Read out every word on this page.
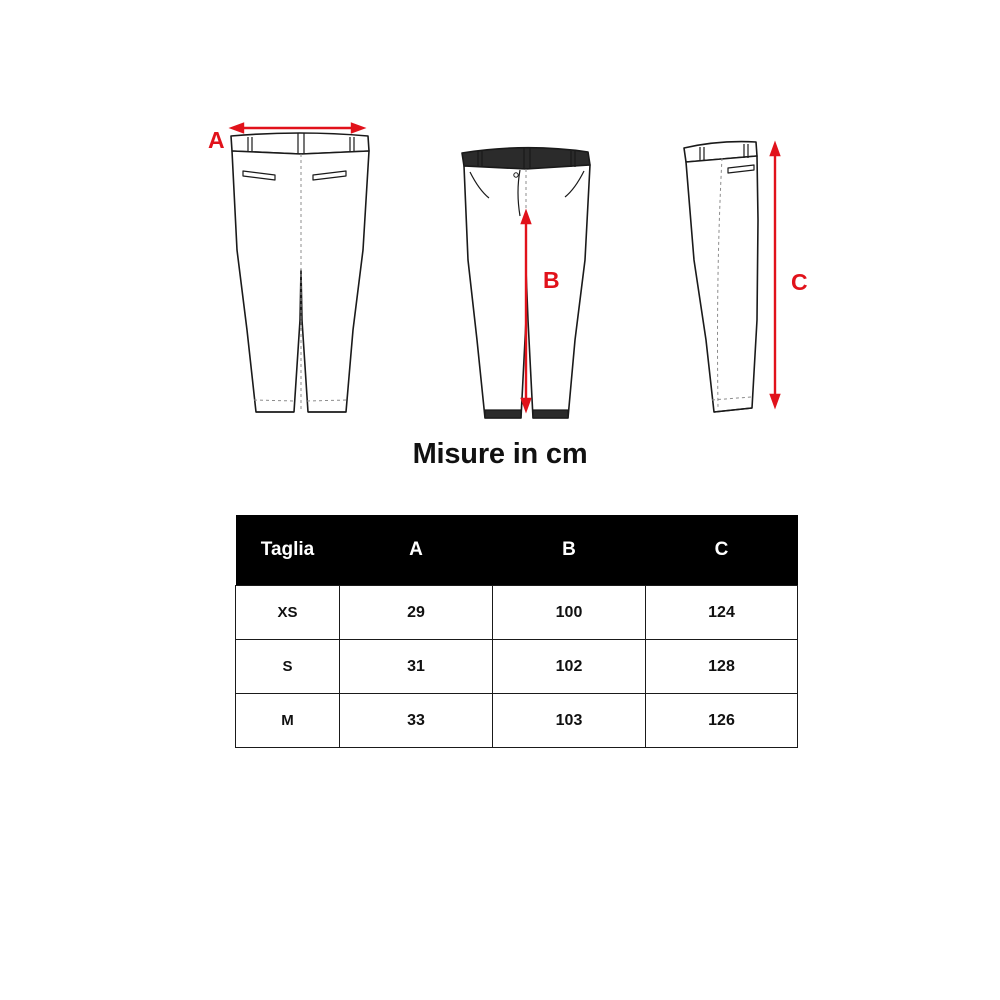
A
B	C
Misure in cm
Taglia	A	B	C
XS	29	100	124
S	31	102	128
M	33	103	126
